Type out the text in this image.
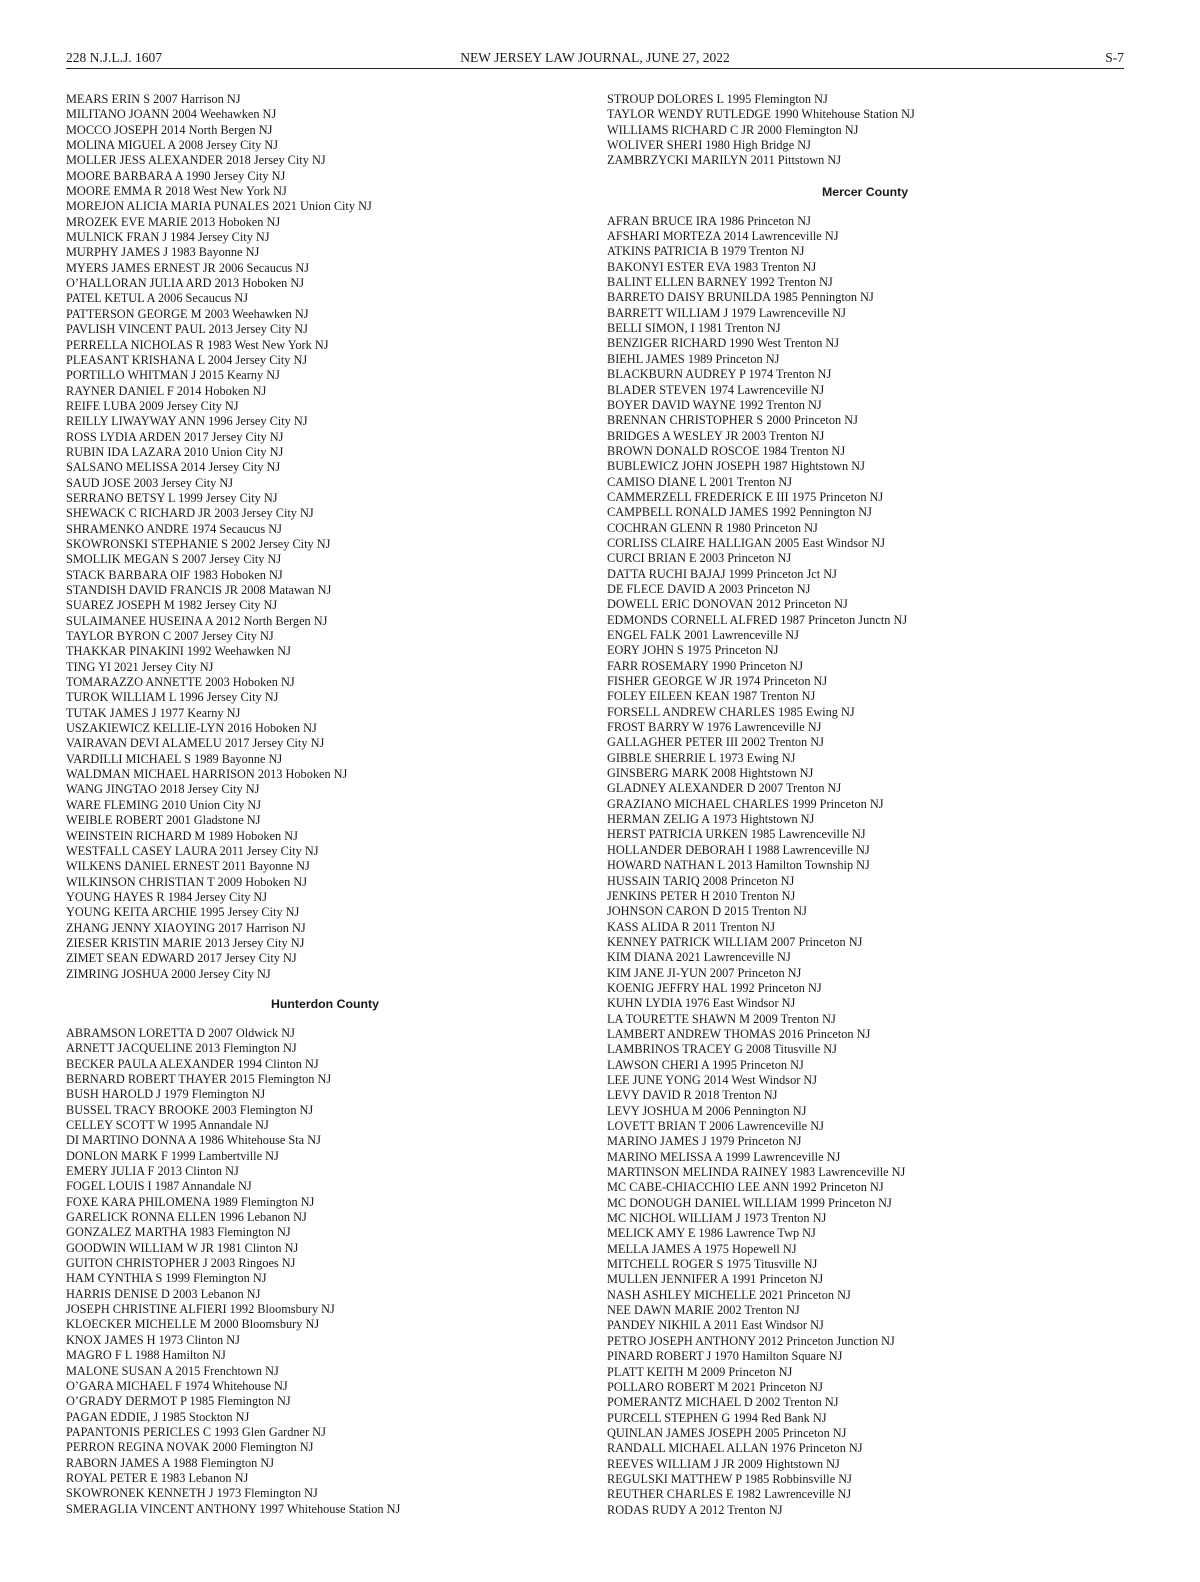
228 N.J.L.J. 1607	NEW JERSEY LAW JOURNAL, JUNE 27, 2022	S-7
MEARS ERIN S 2007 Harrison NJ
MILITANO JOANN 2004 Weehawken NJ
MOCCO JOSEPH 2014 North Bergen NJ
MOLINA MIGUEL A 2008 Jersey City NJ
MOLLER JESS ALEXANDER 2018 Jersey City NJ
MOORE BARBARA A 1990 Jersey City NJ
MOORE EMMA R 2018 West New York NJ
MOREJON ALICIA MARIA PUNALES 2021 Union City NJ
MROZEK EVE MARIE 2013 Hoboken NJ
MULNICK FRAN J 1984 Jersey City NJ
MURPHY JAMES J 1983 Bayonne NJ
MYERS JAMES ERNEST JR 2006 Secaucus NJ
O’HALLORAN JULIA ARD 2013 Hoboken NJ
PATEL KETUL A 2006 Secaucus NJ
PATTERSON GEORGE M 2003 Weehawken NJ
PAVLISH VINCENT PAUL 2013 Jersey City NJ
PERRELLA NICHOLAS R 1983 West New York NJ
PLEASANT KRISHANA L 2004 Jersey City NJ
PORTILLO WHITMAN J 2015 Kearny NJ
RAYNER DANIEL F 2014 Hoboken NJ
REIFE LUBA 2009 Jersey City NJ
REILLY LIWAYWAY ANN 1996 Jersey City NJ
ROSS LYDIA ARDEN 2017 Jersey City NJ
RUBIN IDA LAZARA 2010 Union City NJ
SALSANO MELISSA 2014 Jersey City NJ
SAUD JOSE 2003 Jersey City NJ
SERRANO BETSY L 1999 Jersey City NJ
SHEWACK C RICHARD JR 2003 Jersey City NJ
SHRAMENKO ANDRE 1974 Secaucus NJ
SKOWRONSKI STEPHANIE S 2002 Jersey City NJ
SMOLLIK MEGAN S 2007 Jersey City NJ
STACK BARBARA OIF 1983 Hoboken NJ
STANDISH DAVID FRANCIS JR 2008 Matawan NJ
SUAREZ JOSEPH M 1982 Jersey City NJ
SULAIMANEE HUSEINA A 2012 North Bergen NJ
TAYLOR BYRON C 2007 Jersey City NJ
THAKKAR PINAKINI 1992 Weehawken NJ
TING YI 2021 Jersey City NJ
TOMARAZZO ANNETTE 2003 Hoboken NJ
TUROK WILLIAM L 1996 Jersey City NJ
TUTAK JAMES J 1977 Kearny NJ
USZAKIEWICZ KELLIE-LYN 2016 Hoboken NJ
VAIRAVAN DEVI ALAMELU 2017 Jersey City NJ
VARDILLI MICHAEL S 1989 Bayonne NJ
WALDMAN MICHAEL HARRISON 2013 Hoboken NJ
WANG JINGTAO 2018 Jersey City NJ
WARE FLEMING 2010 Union City NJ
WEIBLE ROBERT 2001 Gladstone NJ
WEINSTEIN RICHARD M 1989 Hoboken NJ
WESTFALL CASEY LAURA 2011 Jersey City NJ
WILKENS DANIEL ERNEST 2011 Bayonne NJ
WILKINSON CHRISTIAN T 2009 Hoboken NJ
YOUNG HAYES R 1984 Jersey City NJ
YOUNG KEITA ARCHIE 1995 Jersey City NJ
ZHANG JENNY XIAOYING 2017 Harrison NJ
ZIESER KRISTIN MARIE 2013 Jersey City NJ
ZIMET SEAN EDWARD 2017 Jersey City NJ
ZIMRING JOSHUA 2000 Jersey City NJ
Hunterdon County
ABRAMSON LORETTA D 2007 Oldwick NJ
ARNETT JACQUELINE 2013 Flemington NJ
BECKER PAULA ALEXANDER 1994 Clinton NJ
BERNARD ROBERT THAYER 2015 Flemington NJ
BUSH HAROLD J 1979 Flemington NJ
BUSSEL TRACY BROOKE 2003 Flemington NJ
CELLEY SCOTT W 1995 Annandale NJ
DI MARTINO DONNA A 1986 Whitehouse Sta NJ
DONLON MARK F 1999 Lambertville NJ
EMERY JULIA F 2013 Clinton NJ
FOGEL LOUIS I 1987 Annandale NJ
FOXE KARA PHILOMENA 1989 Flemington NJ
GARELICK RONNA ELLEN 1996 Lebanon NJ
GONZALEZ MARTHA 1983 Flemington NJ
GOODWIN WILLIAM W JR 1981 Clinton NJ
GUITON CHRISTOPHER J 2003 Ringoes NJ
HAM CYNTHIA S 1999 Flemington NJ
HARRIS DENISE D 2003 Lebanon NJ
JOSEPH CHRISTINE ALFIERI 1992 Bloomsbury NJ
KLOECKER MICHELLE M 2000 Bloomsbury NJ
KNOX JAMES H 1973 Clinton NJ
MAGRO F L 1988 Hamilton NJ
MALONE SUSAN A 2015 Frenchtown NJ
O’GARA MICHAEL F 1974 Whitehouse NJ
O’GRADY DERMOT P 1985 Flemington NJ
PAGAN EDDIE, J 1985 Stockton NJ
PAPANTONIS PERICLES C 1993 Glen Gardner NJ
PERRON REGINA NOVAK 2000 Flemington NJ
RABORN JAMES A 1988 Flemington NJ
ROYAL PETER E 1983 Lebanon NJ
SKOWRONEK KENNETH J 1973 Flemington NJ
SMERAGLIA VINCENT ANTHONY 1997 Whitehouse Station NJ
STROUP DOLORES L 1995 Flemington NJ
TAYLOR WENDY RUTLEDGE 1990 Whitehouse Station NJ
WILLIAMS RICHARD C JR 2000 Flemington NJ
WOLIVER SHERI 1980 High Bridge NJ
ZAMBRZYCKI MARILYN 2011 Pittstown NJ
Mercer County
AFRAN BRUCE IRA 1986 Princeton NJ
AFSHARI MORTEZA 2014 Lawrenceville NJ
ATKINS PATRICIA B 1979 Trenton NJ
BAKONYI ESTER EVA 1983 Trenton NJ
BALINT ELLEN BARNEY 1992 Trenton NJ
BARRETO DAISY BRUNILDA 1985 Pennington NJ
BARRETT WILLIAM J 1979 Lawrenceville NJ
BELLI SIMON, I 1981 Trenton NJ
BENZIGER RICHARD 1990 West Trenton NJ
BIEHL JAMES 1989 Princeton NJ
BLACKBURN AUDREY P 1974 Trenton NJ
BLADER STEVEN 1974 Lawrenceville NJ
BOYER DAVID WAYNE 1992 Trenton NJ
BRENNAN CHRISTOPHER S 2000 Princeton NJ
BRIDGES A WESLEY JR 2003 Trenton NJ
BROWN DONALD ROSCOE 1984 Trenton NJ
BUBLEWICZ JOHN JOSEPH 1987 Hightstown NJ
CAMISO DIANE L 2001 Trenton NJ
CAMMERZELL FREDERICK E III 1975 Princeton NJ
CAMPBELL RONALD JAMES 1992 Pennington NJ
COCHRAN GLENN R 1980 Princeton NJ
CORLISS CLAIRE HALLIGAN 2005 East Windsor NJ
CURCI BRIAN E 2003 Princeton NJ
DATTA RUCHI BAJAJ 1999 Princeton Jct NJ
DE FLECE DAVID A 2003 Princeton NJ
DOWELL ERIC DONOVAN 2012 Princeton NJ
EDMONDS CORNELL ALFRED 1987 Princeton Junctn NJ
ENGEL FALK 2001 Lawrenceville NJ
EORY JOHN S 1975 Princeton NJ
FARR ROSEMARY 1990 Princeton NJ
FISHER GEORGE W JR 1974 Princeton NJ
FOLEY EILEEN KEAN 1987 Trenton NJ
FORSELL ANDREW CHARLES 1985 Ewing NJ
FROST BARRY W 1976 Lawrenceville NJ
GALLAGHER PETER III 2002 Trenton NJ
GIBBLE SHERRIE L 1973 Ewing NJ
GINSBERG MARK 2008 Hightstown NJ
GLADNEY ALEXANDER D 2007 Trenton NJ
GRAZIANO MICHAEL CHARLES 1999 Princeton NJ
HERMAN ZELIG A 1973 Hightstown NJ
HERST PATRICIA URKEN 1985 Lawrenceville NJ
HOLLANDER DEBORAH I 1988 Lawrenceville NJ
HOWARD NATHAN L 2013 Hamilton Township NJ
HUSSAIN TARIQ 2008 Princeton NJ
JENKINS PETER H 2010 Trenton NJ
JOHNSON CARON D 2015 Trenton NJ
KASS ALIDA R 2011 Trenton NJ
KENNEY PATRICK WILLIAM 2007 Princeton NJ
KIM DIANA 2021 Lawrenceville NJ
KIM JANE JI-YUN 2007 Princeton NJ
KOENIG JEFFRY HAL 1992 Princeton NJ
KUHN LYDIA 1976 East Windsor NJ
LA TOURETTE SHAWN M 2009 Trenton NJ
LAMBERT ANDREW THOMAS 2016 Princeton NJ
LAMBRINOS TRACEY G 2008 Titusville NJ
LAWSON CHERI A 1995 Princeton NJ
LEE JUNE YONG 2014 West Windsor NJ
LEVY DAVID R 2018 Trenton NJ
LEVY JOSHUA M 2006 Pennington NJ
LOVETT BRIAN T 2006 Lawrenceville NJ
MARINO JAMES J 1979 Princeton NJ
MARINO MELISSA A 1999 Lawrenceville NJ
MARTINSON MELINDA RAINEY 1983 Lawrenceville NJ
MC CABE-CHIACCHIO LEE ANN 1992 Princeton NJ
MC DONOUGH DANIEL WILLIAM 1999 Princeton NJ
MC NICHOL WILLIAM J 1973 Trenton NJ
MELICK AMY E 1986 Lawrence Twp NJ
MELLA JAMES A 1975 Hopewell NJ
MITCHELL ROGER S 1975 Titusville NJ
MULLEN JENNIFER A 1991 Princeton NJ
NASH ASHLEY MICHELLE 2021 Princeton NJ
NEE DAWN MARIE 2002 Trenton NJ
PANDEY NIKHIL A 2011 East Windsor NJ
PETRO JOSEPH ANTHONY 2012 Princeton Junction NJ
PINARD ROBERT J 1970 Hamilton Square NJ
PLATT KEITH M 2009 Princeton NJ
POLLARO ROBERT M 2021 Princeton NJ
POMERANTZ MICHAEL D 2002 Trenton NJ
PURCELL STEPHEN G 1994 Red Bank NJ
QUINLAN JAMES JOSEPH 2005 Princeton NJ
RANDALL MICHAEL ALLAN 1976 Princeton NJ
REEVES WILLIAM J JR 2009 Hightstown NJ
REGULSKI MATTHEW P 1985 Robbinsville NJ
REUTHER CHARLES E 1982 Lawrenceville NJ
RODAS RUDY A 2012 Trenton NJ
